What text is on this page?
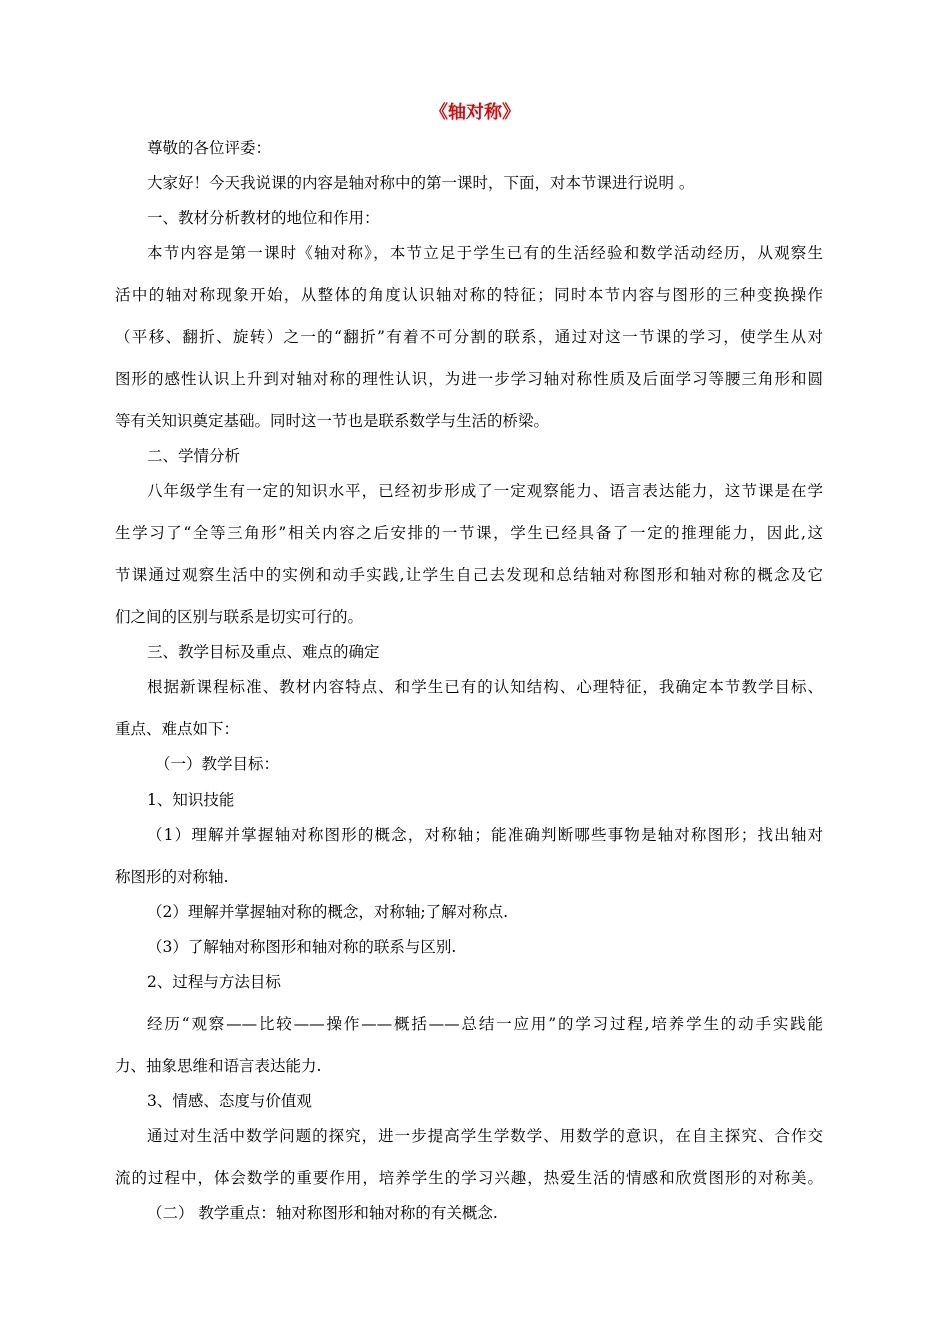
《轴对称》
尊敬的各位评委：
大家好！今天我说课的内容是轴对称中的第一课时，下面，对本节课进行说明 。
一、教材分析教材的地位和作用：
本节内容是第一课时《轴对称》，本节立足于学生已有的生活经验和数学活动经历，从观察生
活中的轴对称现象开始，从整体的角度认识轴对称的特征；同时本节内容与图形的三种变换操作
（平移、翻折、旋转）之一的“翻折”有着不可分割的联系，通过对这一节课的学习，使学生从对
图形的感性认识上升到对轴对称的理性认识，为进一步学习轴对称性质及后面学习等腰三角形和圆
等有关知识奠定基础。同时这一节也是联系数学与生活的桥梁。
二、学情分析
八年级学生有一定的知识水平，已经初步形成了一定观察能力、语言表达能力，这节课是在学
生学习了“全等三角形”相关内容之后安排的一节课，学生已经具备了一定的推理能力，因此,这
节课通过观察生活中的实例和动手实践,让学生自己去发现和总结轴对称图形和轴对称的概念及它
们之间的区别与联系是切实可行的。
三、教学目标及重点、难点的确定
根据新课程标准、教材内容特点、和学生已有的认知结构、心理特征，我确定本节教学目标、
重点、难点如下：
（一）教学目标：
1、知识技能
（1）理解并掌握轴对称图形的概念，对称轴；能准确判断哪些事物是轴对称图形；找出轴对
称图形的对称轴.
（2）理解并掌握轴对称的概念，对称轴;了解对称点.
（3）了解轴对称图形和轴对称的联系与区别.
2、过程与方法目标
经历“观察——比较——操作——概括——总结一应用”的学习过程,培养学生的动手实践能
力、抽象思维和语言表达能力.
3、情感、态度与价值观
通过对生活中数学问题的探究，进一步提高学生学数学、用数学的意识，在自主探究、合作交
流的过程中，体会数学的重要作用，培养学生的学习兴趣，热爱生活的情感和欣赏图形的对称美。
（二） 教学重点：轴对称图形和轴对称的有关概念.
